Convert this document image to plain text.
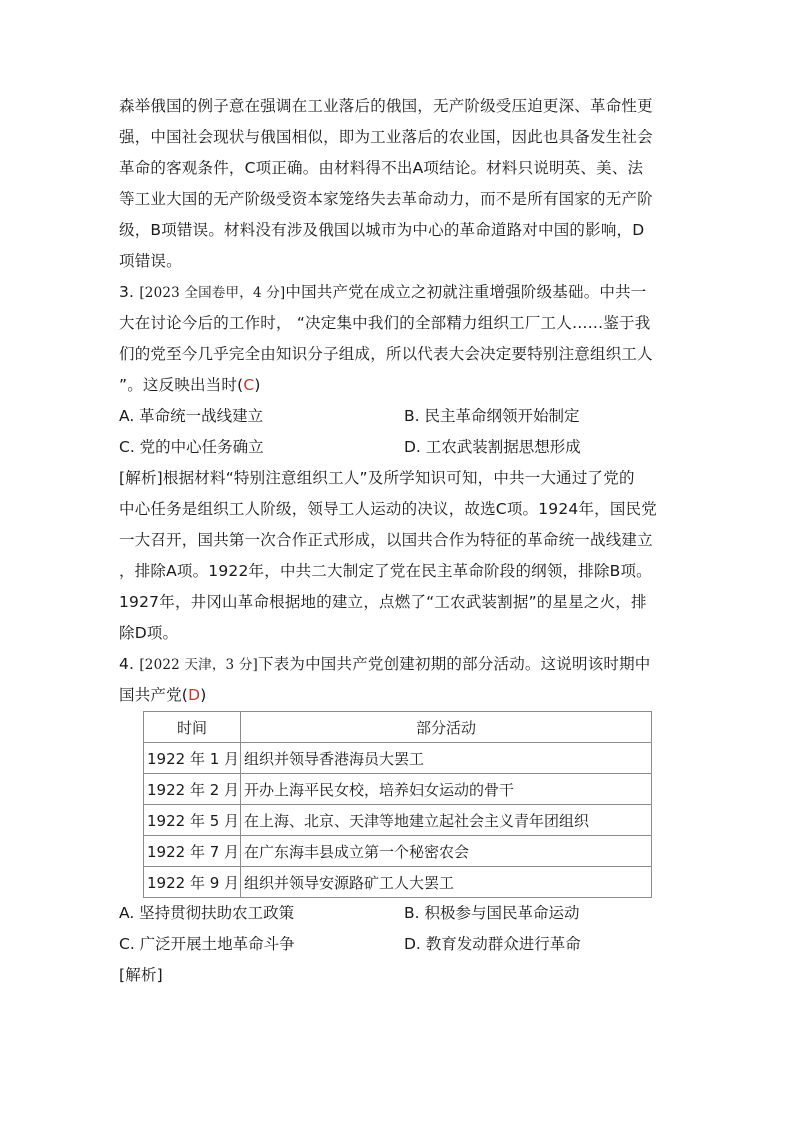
森举俄国的例子意在强调在工业落后的俄国，无产阶级受压迫更深、革命性更
强，中国社会现状与俄国相似，即为工业落后的农业国，因此也具备发生社会
革命的客观条件，C项正确。由材料得不出A项结论。材料只说明英、美、法
等工业大国的无产阶级受资本家笼络失去革命动力，而不是所有国家的无产阶
级，B项错误。材料没有涉及俄国以城市为中心的革命道路对中国的影响，D
项错误。
3. [2023 全国卷甲，4 分]中国共产党在成立之初就注重增强阶级基础。中共一
大在讨论今后的工作时， “决定集中我们的全部精力组织工厂工人……鉴于我
们的党至今几乎完全由知识分子组成，所以代表大会决定要特别注意组织工人
”。这反映出当时(C)
A. 革命统一战线建立	B. 民主革命纲领开始制定
C. 党的中心任务确立	D. 工农武装割据思想形成
[解析]根据材料“特别注意组织工人”及所学知识可知，中共一大通过了党的
中心任务是组织工人阶级，领导工人运动的决议，故选C项。1924年，国民党
一大召开，国共第一次合作正式形成，以国共合作为特征的革命统一战线建立
，排除A项。1922年，中共二大制定了党在民主革命阶段的纲领，排除B项。
1927年，井冈山革命根据地的建立，点燃了“工农武装割据”的星星之火，排
除D项。
4. [2022 天津，3 分]下表为中国共产党创建初期的部分活动。这说明该时期中
国共产党(D)
时间	部分活动
1922 年 1 月	组织并领导香港海员大罢工
1922 年 2 月	开办上海平民女校，培养妇女运动的骨干
1922 年 5 月	在上海、北京、天津等地建立起社会主义青年团组织
1922 年 7 月	在广东海丰县成立第一个秘密农会
1922 年 9 月	组织并领导安源路矿工人大罢工
A. 坚持贯彻扶助农工政策	B. 积极参与国民革命运动
C. 广泛开展土地革命斗争	D. 教育发动群众进行革命
[解析]
